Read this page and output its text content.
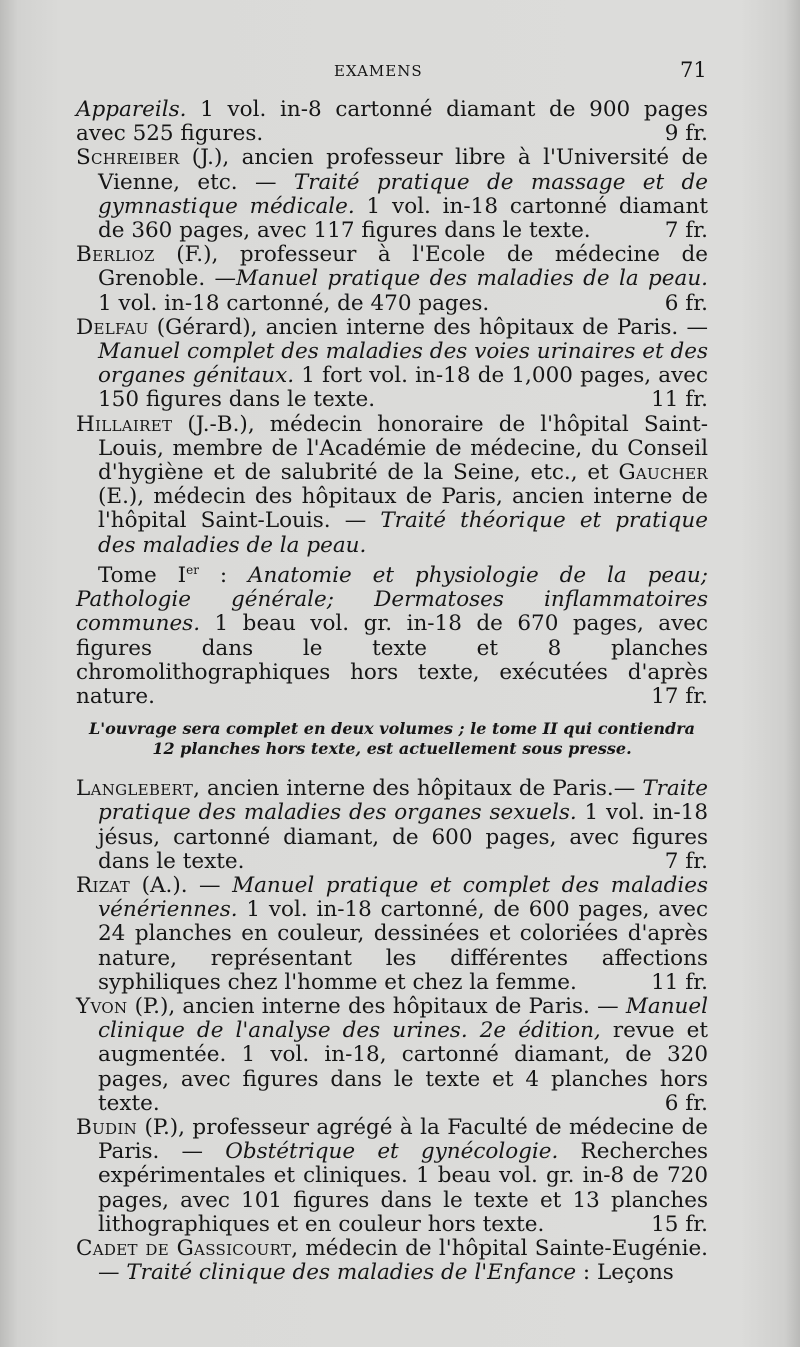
EXAMENS	71

Appareils. 1 vol. in-8 cartonné diamant de 900 pages avec 525 figures.	9 fr.

Schreiber (J.), ancien professeur libre à l'Université de Vienne, etc. — Traité pratique de massage et de gymnastique médicale. 1 vol. in-18 cartonné diamant de 360 pages, avec 117 figures dans le texte.	7 fr.

Berlioz (F.), professeur à l'Ecole de médecine de Grenoble. —Manuel pratique des maladies de la peau. 1 vol. in-18 cartonné, de 470 pages.	6 fr.

Delfau (Gérard), ancien interne des hôpitaux de Paris. — Manuel complet des maladies des voies urinaires et des organes génitaux. 1 fort vol. in-18 de 1,000 pages, avec 150 figures dans le texte.	11 fr.

Hillairet (J.-B.), médecin honoraire de l'hôpital Saint-Louis, membre de l'Académie de médecine, du Conseil d'hygiène et de salubrité de la Seine, etc., et Gaucher (E.), médecin des hôpitaux de Paris, ancien interne de l'hôpital Saint-Louis. — Traité théorique et pratique des maladies de la peau.

Tome Ier : Anatomie et physiologie de la peau; Pathologie générale; Dermatoses inflammatoires communes. 1 beau vol. gr. in-18 de 670 pages, avec figures dans le texte et 8 planches chromolithographiques hors texte, exécutées d'après nature.	17 fr.

L'ouvrage sera complet en deux volumes ; le tome II qui contiendra 12 planches hors texte, est actuellement sous presse.

Langlebert, ancien interne des hôpitaux de Paris.— Traite pratique des maladies des organes sexuels. 1 vol. in-18 jésus, cartonné diamant, de 600 pages, avec figures dans le texte.	7 fr.

Rizat (A.). — Manuel pratique et complet des maladies vénériennes. 1 vol. in-18 cartonné, de 600 pages, avec 24 planches en couleur, dessinées et coloriées d'après nature, représentant les différentes affections syphiliques chez l'homme et chez la femme.	11 fr.

Yvon (P.), ancien interne des hôpitaux de Paris. — Manuel clinique de l'analyse des urines. 2e édition, revue et augmentée. 1 vol. in-18, cartonné diamant, de 320 pages, avec figures dans le texte et 4 planches hors texte.	6 fr.

Budin (P.), professeur agrégé à la Faculté de médecine de Paris. — Obstétrique et gynécologie. Recherches expérimentales et cliniques. 1 beau vol. gr. in-8 de 720 pages, avec 101 figures dans le texte et 13 planches lithographiques et en couleur hors texte.	15 fr.

Cadet de Gassicourt, médecin de l'hôpital Sainte-Eugénie. — Traité clinique des maladies de l'Enfance : Leçons
